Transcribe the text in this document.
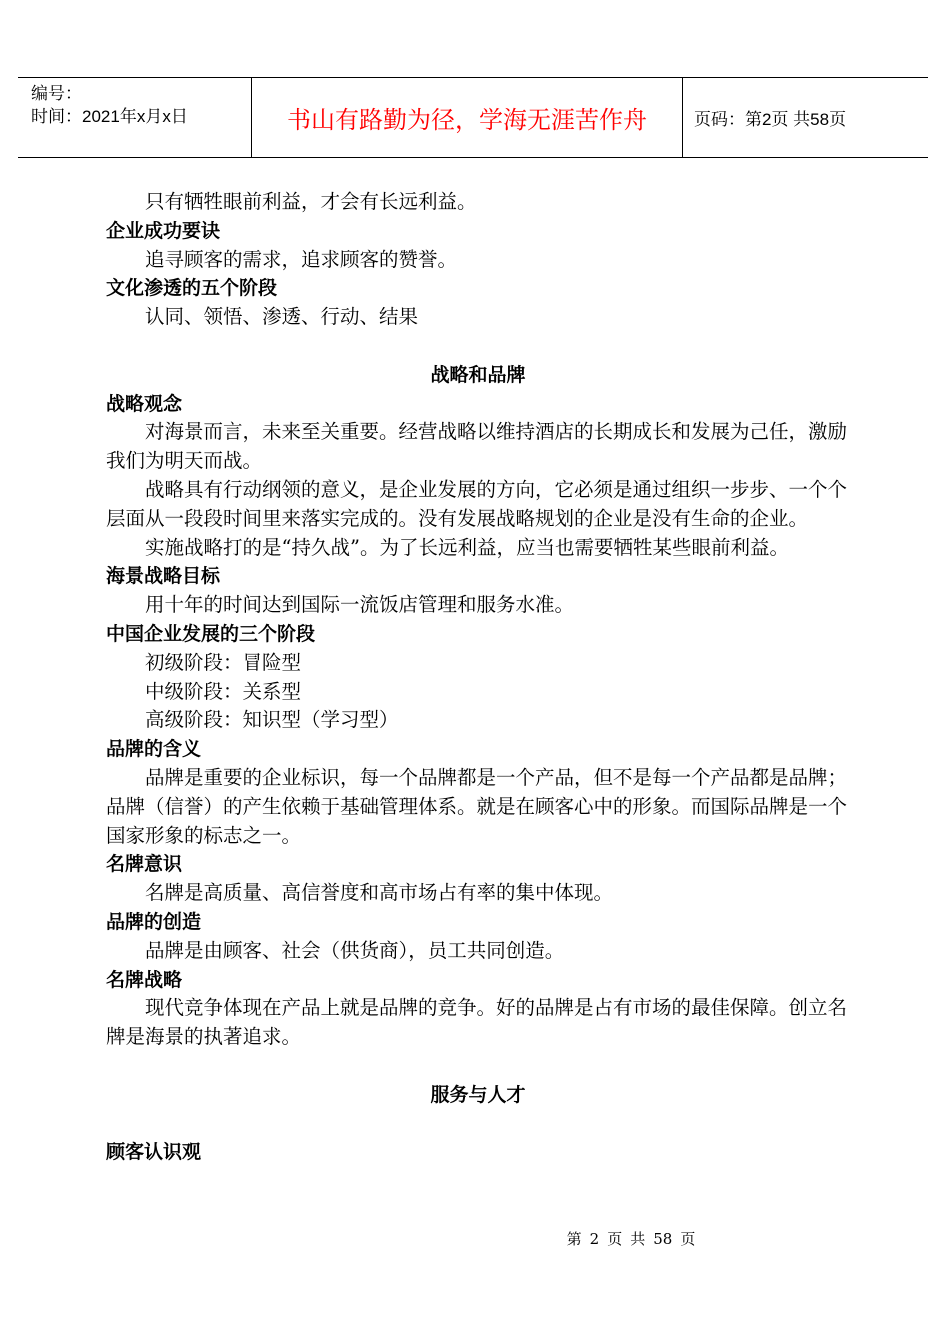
编号：
时间：2021年x月x日	书山有路勤为径，学海无涯苦作舟	页码：第2页 共58页

只有牺牲眼前利益，才会有长远利益。

企业成功要诀

追寻顾客的需求，追求顾客的赞誉。

文化渗透的五个阶段

认同、领悟、渗透、行动、结果

战略和品牌

战略观念

对海景而言，未来至关重要。经营战略以维持酒店的长期成长和发展为己任，激励我们为明天而战。

战略具有行动纲领的意义，是企业发展的方向，它必须是通过组织一步步、一个个层面从一段段时间里来落实完成的。没有发展战略规划的企业是没有生命的企业。

实施战略打的是“持久战”。为了长远利益，应当也需要牺牲某些眼前利益。

海景战略目标

用十年的时间达到国际一流饭店管理和服务水准。

中国企业发展的三个阶段

初级阶段：冒险型

中级阶段：关系型

高级阶段：知识型（学习型）

品牌的含义

品牌是重要的企业标识，每一个品牌都是一个产品，但不是每一个产品都是品牌；品牌（信誉）的产生依赖于基础管理体系。就是在顾客心中的形象。而国际品牌是一个国家形象的标志之一。

名牌意识

名牌是高质量、高信誉度和高市场占有率的集中体现。

品牌的创造

品牌是由顾客、社会（供货商），员工共同创造。

名牌战略

现代竞争体现在产品上就是品牌的竞争。好的品牌是占有市场的最佳保障。创立名牌是海景的执著追求。

服务与人才

顾客认识观

第 2 页 共 58 页
